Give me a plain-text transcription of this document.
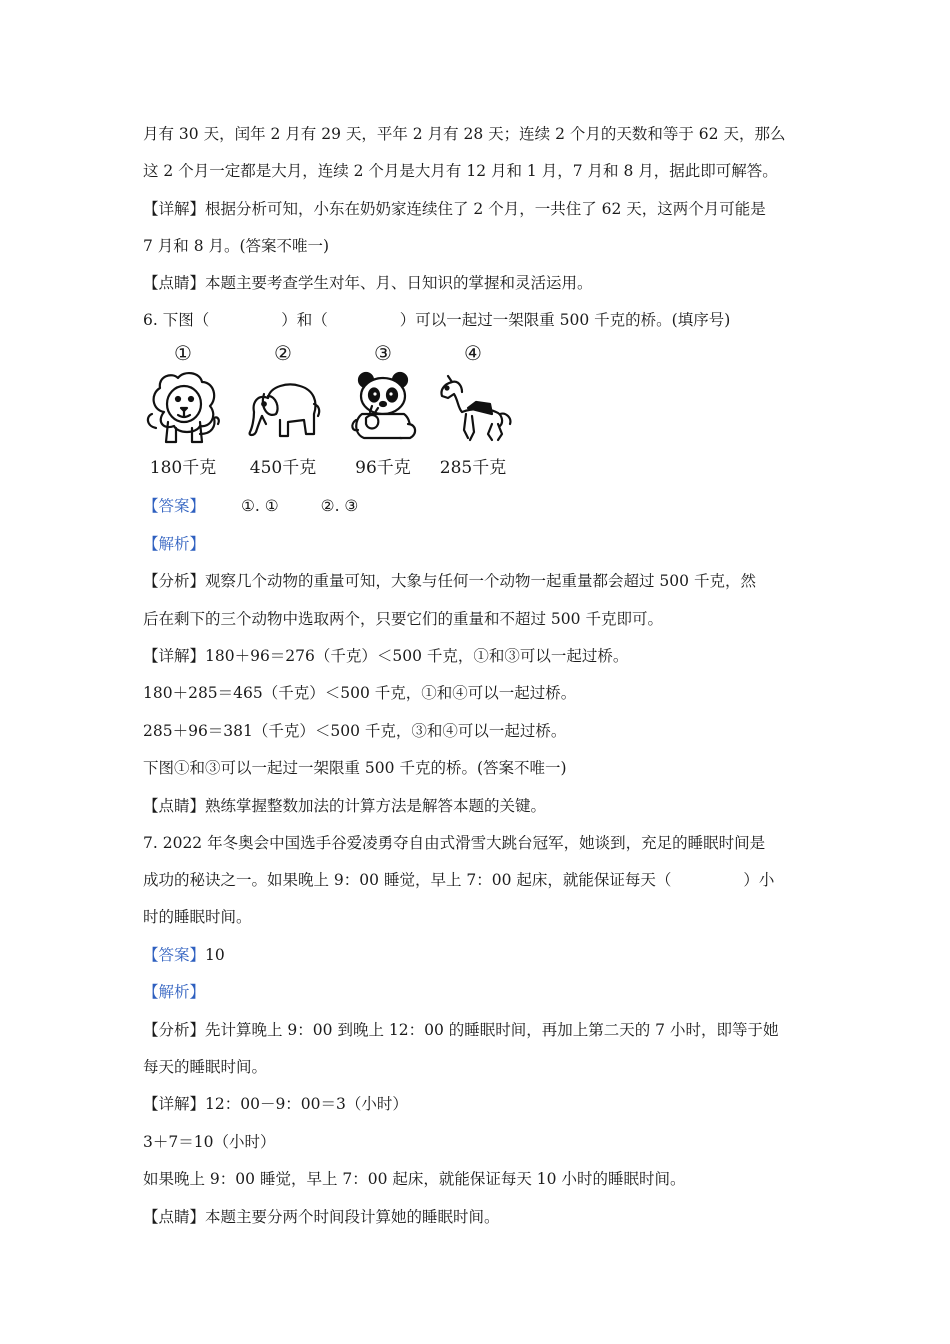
月有 30 天，闰年 2 月有 29 天，平年 2 月有 28 天；连续 2 个月的天数和等于 62 天，那么
这 2 个月一定都是大月，连续 2 个月是大月有 12 月和 1 月，7 月和 8 月，据此即可解答。
【详解】根据分析可知，小东在奶奶家连续住了 2 个月，一共住了 62 天，这两个月可能是
7 月和 8 月。(答案不唯一)
【点睛】本题主要考查学生对年、月、日知识的掌握和灵活运用。
6. 下图（	）和（	）可以一起过一架限重 500 千克的桥。(填序号)
①
180千克
②
450千克
③
96千克
④
285千克
【答案】 ①. ①	②. ③
【解析】
【分析】观察几个动物的重量可知，大象与任何一个动物一起重量都会超过 500 千克，然
后在剩下的三个动物中选取两个，只要它们的重量和不超过 500 千克即可。
【详解】180＋96＝276（千克）＜500 千克，①和③可以一起过桥。
180＋285＝465（千克）＜500 千克，①和④可以一起过桥。
285＋96＝381（千克）＜500 千克，③和④可以一起过桥。
下图①和③可以一起过一架限重 500 千克的桥。(答案不唯一)
【点睛】熟练掌握整数加法的计算方法是解答本题的关键。
7. 2022 年冬奥会中国选手谷爱凌勇夺自由式滑雪大跳台冠军，她谈到，充足的睡眠时间是
成功的秘诀之一。如果晚上 9：00 睡觉，早上 7：00 起床，就能保证每天（	）小
时的睡眠时间。
【答案】10
【解析】
【分析】先计算晚上 9：00 到晚上 12：00 的睡眠时间，再加上第二天的 7 小时，即等于她
每天的睡眠时间。
【详解】12：00－9：00＝3（小时）
3＋7＝10（小时）
如果晚上 9：00 睡觉，早上 7：00 起床，就能保证每天 10 小时的睡眠时间。
【点睛】本题主要分两个时间段计算她的睡眠时间。
